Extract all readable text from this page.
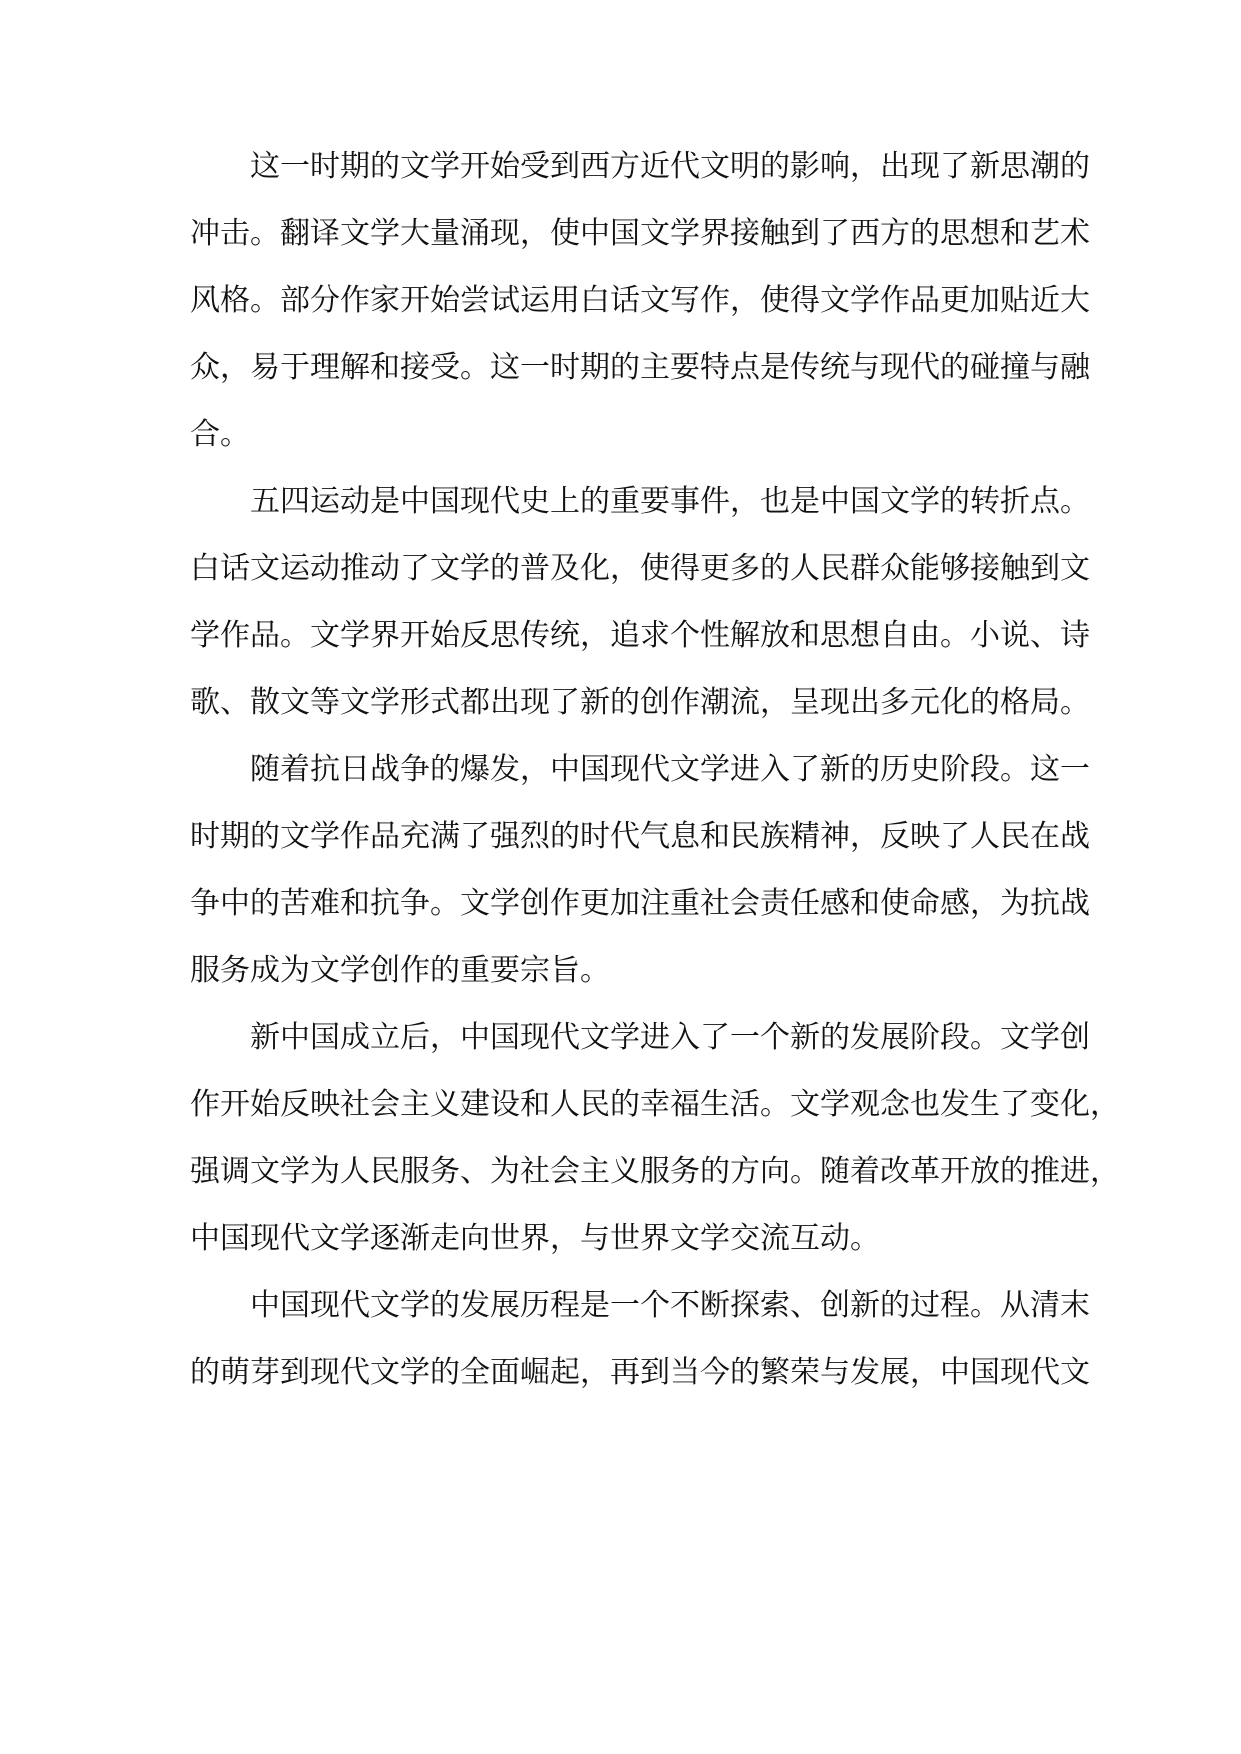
这一时期的文学开始受到西方近代文明的影响，出现了新思潮的
冲击。翻译文学大量涌现，使中国文学界接触到了西方的思想和艺术
风格。部分作家开始尝试运用白话文写作，使得文学作品更加贴近大
众，易于理解和接受。这一时期的主要特点是传统与现代的碰撞与融
合。
五四运动是中国现代史上的重要事件，也是中国文学的转折点。
白话文运动推动了文学的普及化，使得更多的人民群众能够接触到文
学作品。文学界开始反思传统，追求个性解放和思想自由。小说、诗
歌、散文等文学形式都出现了新的创作潮流，呈现出多元化的格局。
随着抗日战争的爆发，中国现代文学进入了新的历史阶段。这一
时期的文学作品充满了强烈的时代气息和民族精神，反映了人民在战
争中的苦难和抗争。文学创作更加注重社会责任感和使命感，为抗战
服务成为文学创作的重要宗旨。
新中国成立后，中国现代文学进入了一个新的发展阶段。文学创
作开始反映社会主义建设和人民的幸福生活。文学观念也发生了变化，
强调文学为人民服务、为社会主义服务的方向。随着改革开放的推进，
中国现代文学逐渐走向世界，与世界文学交流互动。
中国现代文学的发展历程是一个不断探索、创新的过程。从清末
的萌芽到现代文学的全面崛起，再到当今的繁荣与发展，中国现代文
